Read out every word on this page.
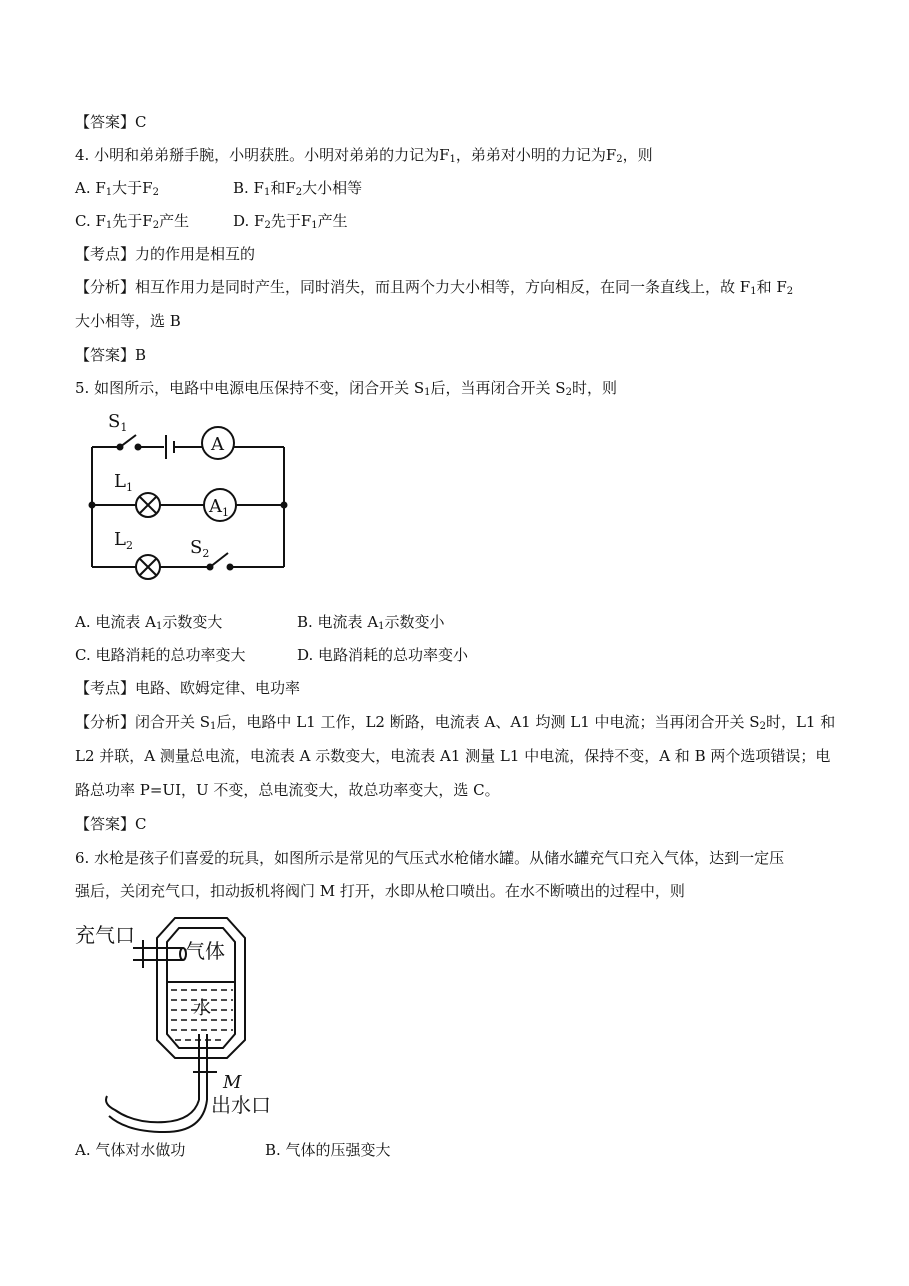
【答案】C
4. 小明和弟弟掰手腕，小明获胜。小明对弟弟的力记为$F_1$，弟弟对小明的力记为$F_2$，则
A. $F_1$大于$F_2$	B. $F_1$和$F_2$大小相等
C. $F_1$先于$F_2$产生	D. $F_2$先于$F_1$产生
【考点】力的作用是相互的
【分析】相互作用力是同时产生，同时消失，而且两个力大小相等，方向相反，在同一条直线上，故 $F_1$和 $F_2$
大小相等，选 B
【答案】B
5. 如图所示，电路中电源电压保持不变，闭合开关 $S_1$后，当再闭合开关 $S_2$时，则
$S_1$
A
$L_1$
$A_1$
$L_2$	$S_2$
A. 电流表 $A_1$示数变大	B. 电流表 $A_1$示数变小
C. 电路消耗的总功率变大	D. 电路消耗的总功率变小
【考点】电路、欧姆定律、电功率
【分析】闭合开关 $S_1$后，电路中 L1 工作，L2 断路，电流表 A、A1 均测 L1 中电流；当再闭合开关 $S_2$时，L1 和
L2 并联，A 测量总电流，电流表 A 示数变大，电流表 A1 测量 L1 中电流，保持不变，A 和 B 两个选项错误；电
路总功率 P=UI，U 不变，总电流变大，故总功率变大，选 C。
【答案】C
6. 水枪是孩子们喜爱的玩具，如图所示是常见的气压式水枪储水罐。从储水罐充气口充入气体，达到一定压
强后，关闭充气口，扣动扳机将阀门 M 打开，水即从枪口喷出。在水不断喷出的过程中，则
充气口
气体
水
M
出水口
A. 气体对水做功	B. 气体的压强变大
